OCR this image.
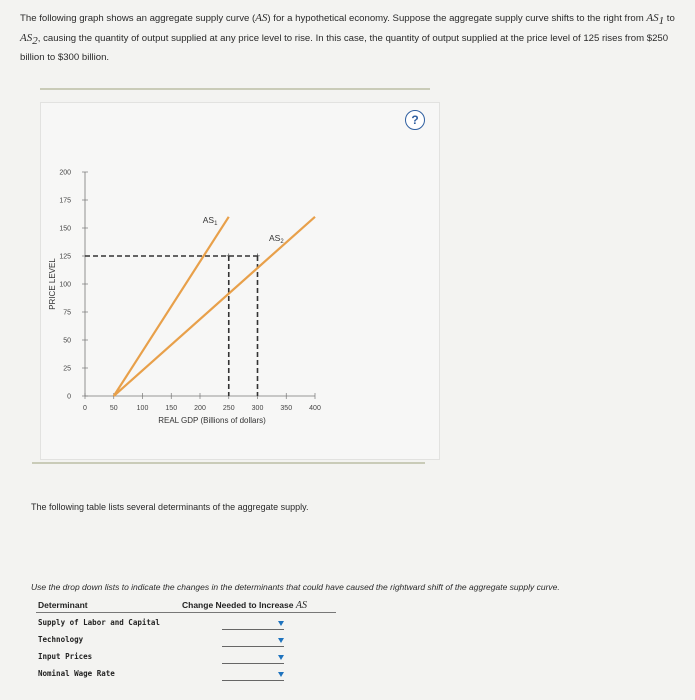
The following graph shows an aggregate supply curve (AS) for a hypothetical economy. Suppose the aggregate supply curve shifts to the right from $AS_1$ to $AS_2$, causing the quantity of output supplied at any price level to rise. In this case, the quantity of output supplied at the price level of 125 rises from $250 billion to $300 billion.
?
0
25
50
75
100
125
150
175
200
0	50	100 150 200 250 300 350 400
REAL GDP (Billions of dollars)
PRICE LEVEL
+	+
$AS_1$
$AS_2$
The following table lists several determinants of the aggregate supply.
Use the drop down lists to indicate the changes in the determinants that could have caused the rightward shift of the aggregate supply curve.
Determinant	Change Needed to Increase AS
Supply of Labor and Capital
Technology
Input Prices
Nominal Wage Rate
